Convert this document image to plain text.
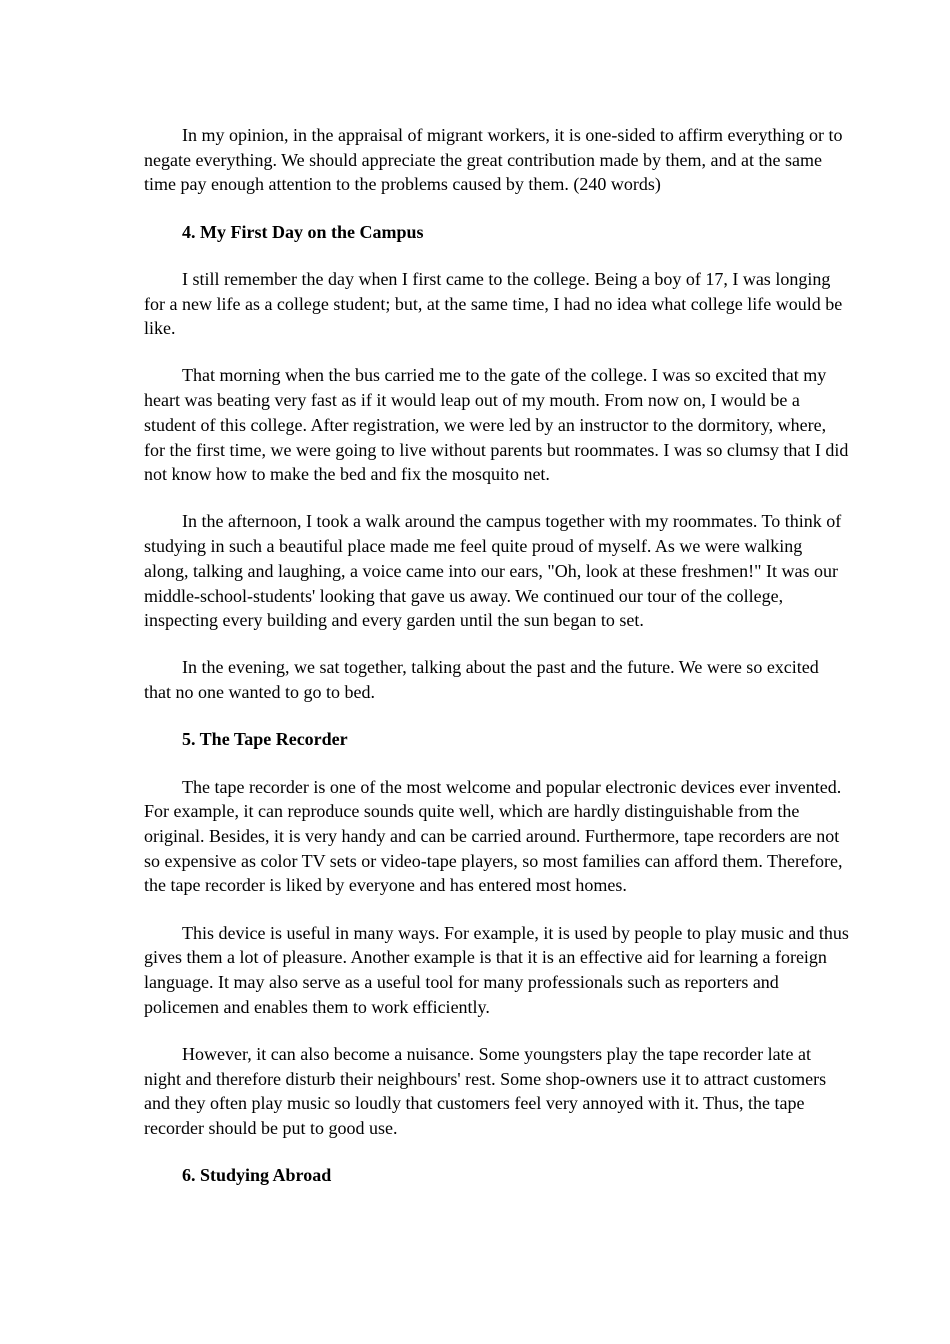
In my opinion, in the appraisal of migrant workers, it is one-sided to affirm everything or to negate everything. We should appreciate the great contribution made by them, and at the same time pay enough attention to the problems caused by them. (240 words)

4. My First Day on the Campus

I still remember the day when I first came to the college. Being a boy of 17, I was longing for a new life as a college student; but, at the same time, I had no idea what college life would be like.

That morning when the bus carried me to the gate of the college. I was so excited that my heart was beating very fast as if it would leap out of my mouth. From now on, I would be a student of this college. After registration, we were led by an instructor to the dormitory, where, for the first time, we were going to live without parents but roommates. I was so clumsy that I did not know how to make the bed and fix the mosquito net.

In the afternoon, I took a walk around the campus together with my roommates. To think of studying in such a beautiful place made me feel quite proud of myself. As we were walking along, talking and laughing, a voice came into our ears, "Oh, look at these freshmen!" It was our middle-school-students' looking that gave us away. We continued our tour of the college, inspecting every building and every garden until the sun began to set.

In the evening, we sat together, talking about the past and the future. We were so excited that no one wanted to go to bed.

5. The Tape Recorder

The tape recorder is one of the most welcome and popular electronic devices ever invented. For example, it can reproduce sounds quite well, which are hardly distinguishable from the original. Besides, it is very handy and can be carried around. Furthermore, tape recorders are not so expensive as color TV sets or video-tape players, so most families can afford them. Therefore, the tape recorder is liked by everyone and has entered most homes.

This device is useful in many ways. For example, it is used by people to play music and thus gives them a lot of pleasure. Another example is that it is an effective aid for learning a foreign language. It may also serve as a useful tool for many professionals such as reporters and policemen and enables them to work efficiently.

However, it can also become a nuisance. Some youngsters play the tape recorder late at night and therefore disturb their neighbours' rest. Some shop-owners use it to attract customers and they often play music so loudly that customers feel very annoyed with it. Thus, the tape recorder should be put to good use.

6. Studying Abroad
